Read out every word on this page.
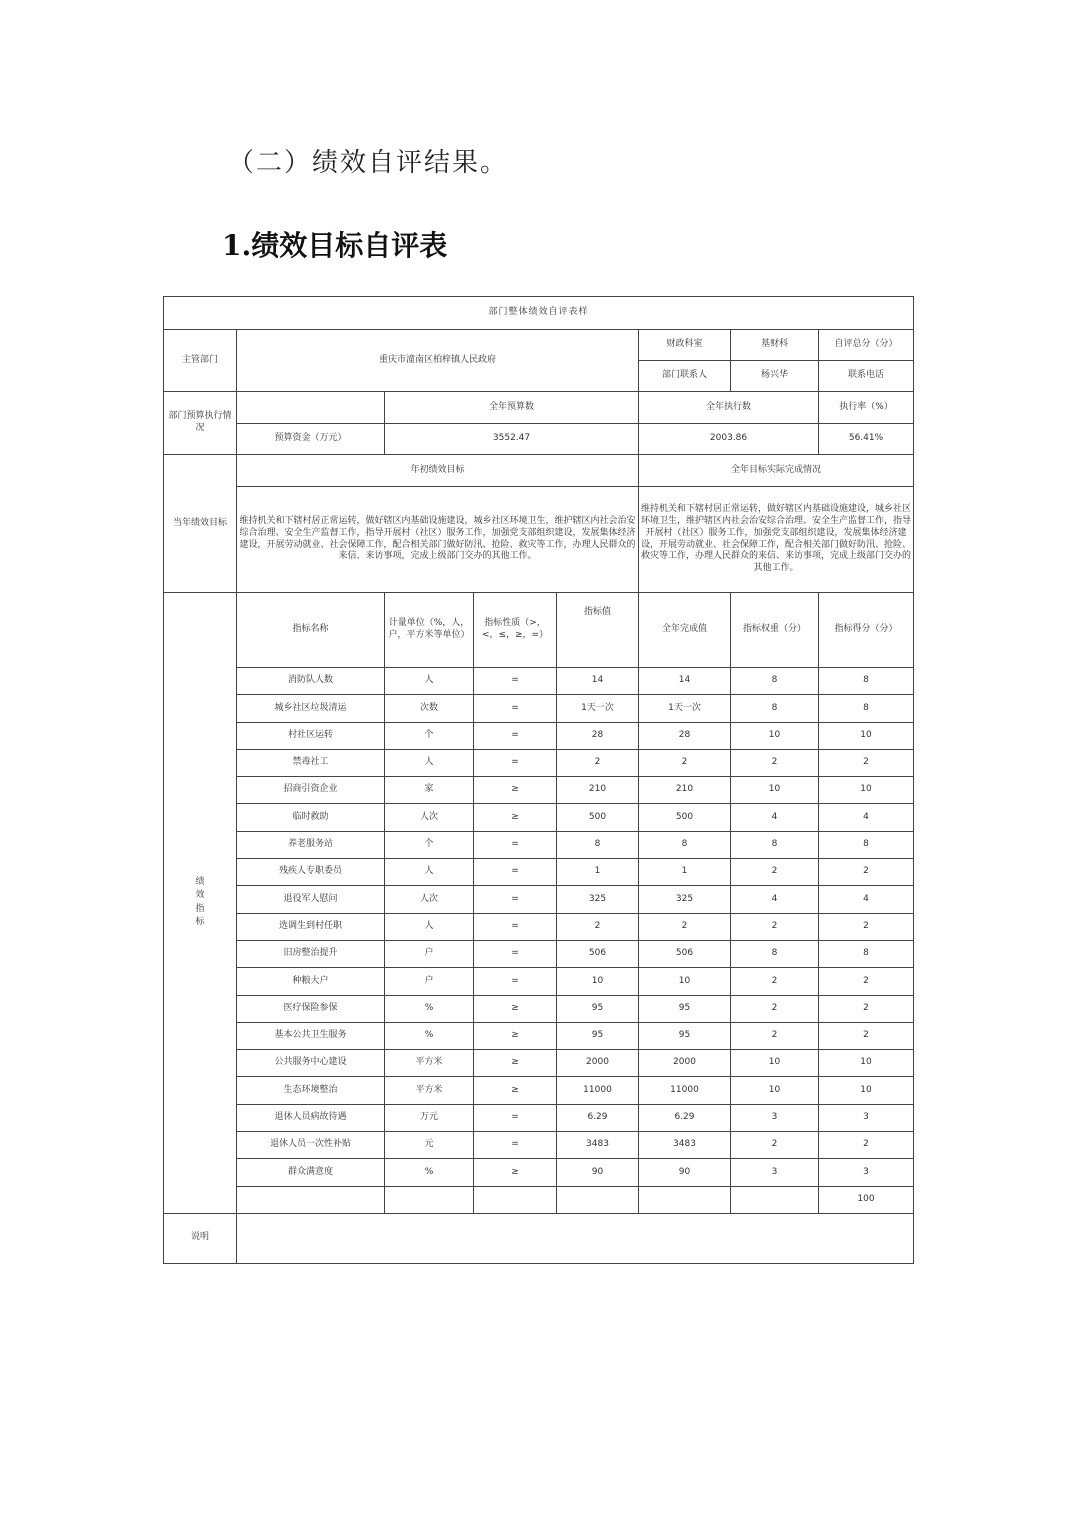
（二）绩效自评结果。
1.绩效目标自评表
部门整体绩效自评表样								
主管部门	重庆市潼南区柏梓镇人民政府				财政科室	基财科	自评总分（分）	
					部门联系人	杨兴华	联系电话	
部门预算执行情况		全年预算数			全年执行数		执行率（%）	
	预算资金（万元）	3552.47			2003.86		56.41%	
当年绩效目标	年初绩效目标				全年目标实际完成情况			
	维持机关和下辖村居正常运转，做好辖区内基础设施建设，城乡社区环境卫生，维护辖区内社会治安综合治理、安全生产监督工作，指导开展村（社区）服务工作，加强党支部组织建设，发展集体经济建设，开展劳动就业、社会保障工作，配合相关部门做好防汛、抢险、救灾等工作，办理人民群众的来信、来访事项，完成上级部门交办的其他工作。				维持机关和下辖村居正常运转，做好辖区内基础设施建设，城乡社区环境卫生，维护辖区内社会治安综合治理、安全生产监督工作，指导开展村（社区）服务工作，加强党支部组织建设，发展集体经济建设，开展劳动就业、社会保障工作，配合相关部门做好防汛、抢险、救灾等工作，办理人民群众的来信、来访事项，完成上级部门交办的其他工作。			
绩效指标	指标名称	计量单位（%，人，户，平方米等单位）	指标性质（>，<，≤，≥，=）	指标值	全年完成值	指标权重（分）	指标得分（分）	
	消防队人数	人	=	14	14	8	8	
	城乡社区垃圾清运	次数	=	1天一次	1天一次	8	8	
	村社区运转	个	=	28	28	10	10	
	禁毒社工	人	=	2	2	2	2	
	招商引资企业	家	≥	210	210	10	10	
	临时救助	人次	≥	500	500	4	4	
	养老服务站	个	=	8	8	8	8	
	残疾人专职委员	人	=	1	1	2	2	
	退役军人慰问	人次	=	325	325	4	4	
	选调生到村任职	人	=	2	2	2	2	
	旧房整治提升	户	=	506	506	8	8	
	种粮大户	户	=	10	10	2	2	
	医疗保险参保	%	≥	95	95	2	2	
	基本公共卫生服务	%	≥	95	95	2	2	
	公共服务中心建设	平方米	≥	2000	2000	10	10	
	生态环境整治	平方米	≥	11000	11000	10	10	
	退休人员病故待遇	万元	=	6.29	6.29	3	3	
	退休人员一次性补贴	元	=	3483	3483	2	2	
	群众满意度	%	≥	90	90	3	3	
							100	
说明								
